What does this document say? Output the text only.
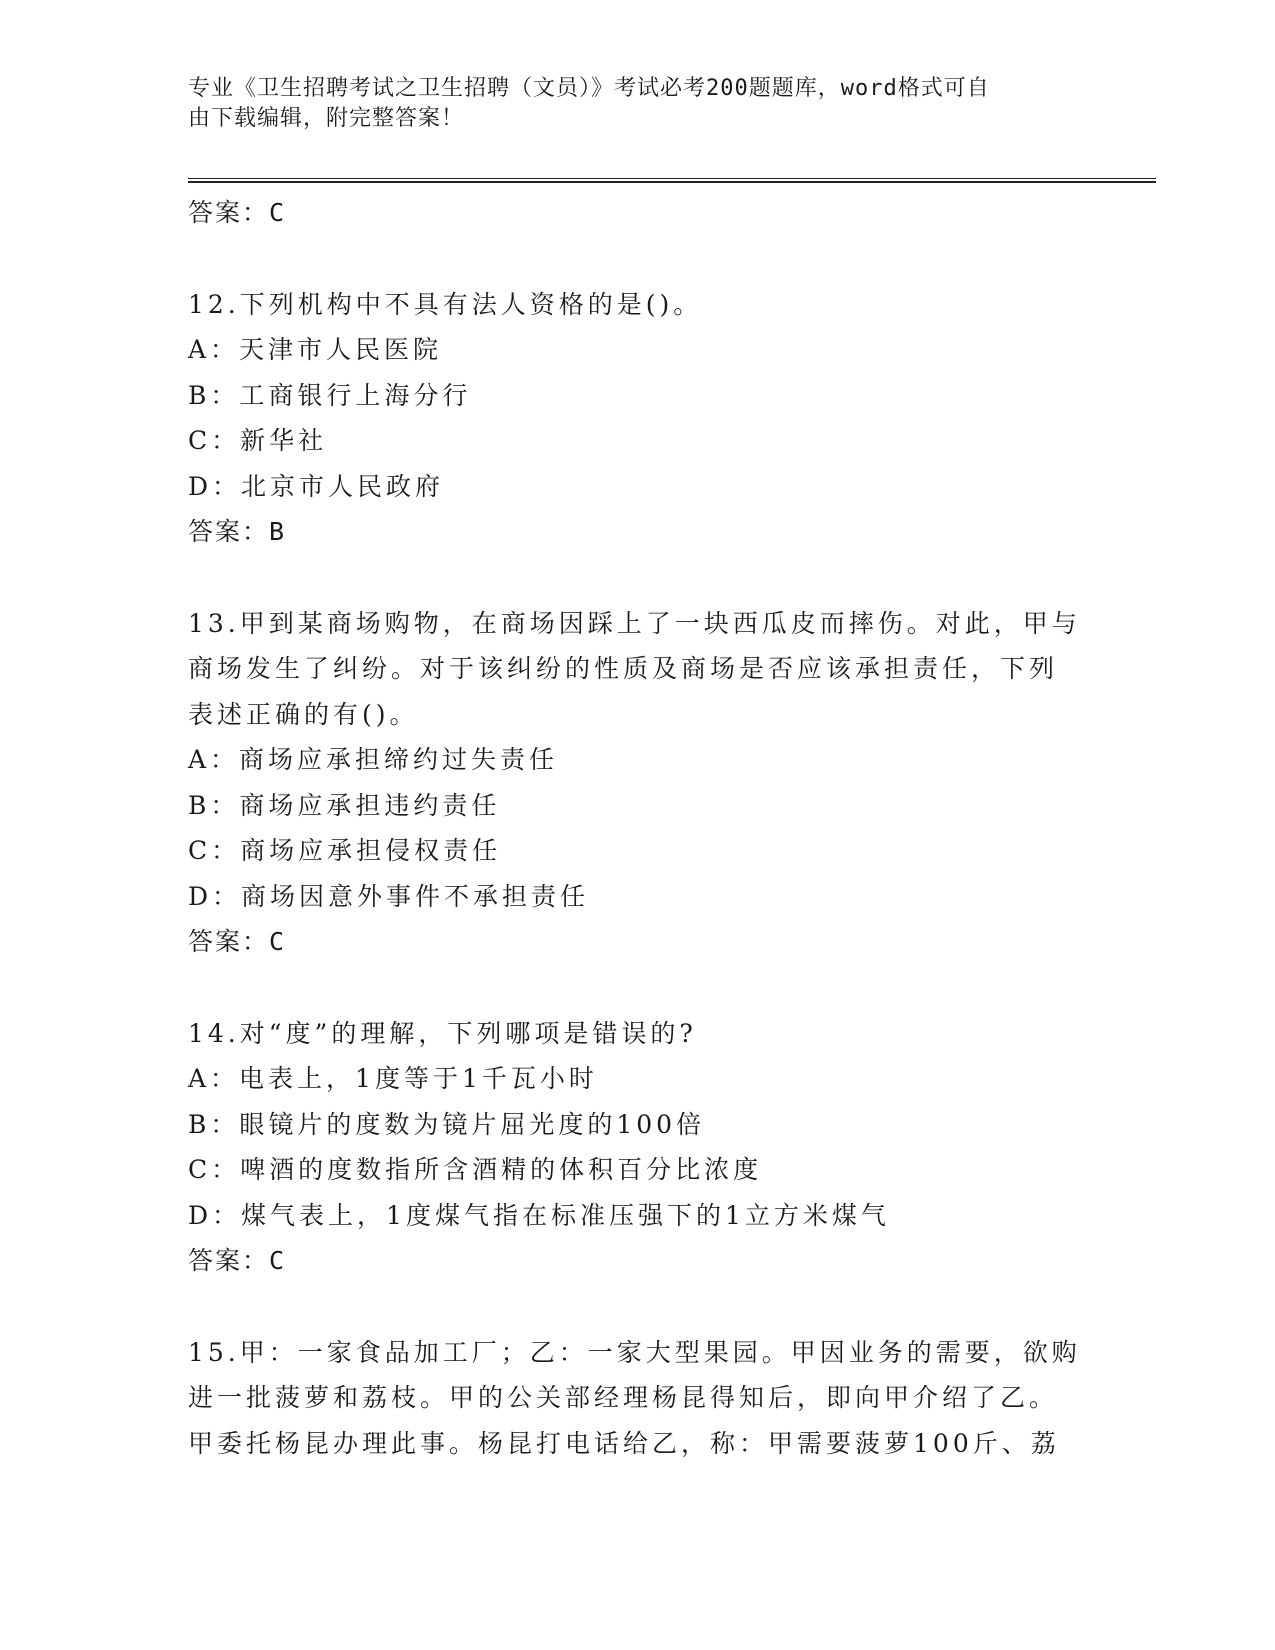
专业《卫生招聘考试之卫生招聘（文员）》考试必考200题题库，word格式可自
由下载编辑，附完整答案！
答案：C
12.下列机构中不具有法人资格的是()。
A：天津市人民医院
B：工商银行上海分行
C：新华社
D：北京市人民政府
答案：B
13.甲到某商场购物，在商场因踩上了一块西瓜皮而摔伤。对此，甲与
商场发生了纠纷。对于该纠纷的性质及商场是否应该承担责任，下列
表述正确的有()。
A：商场应承担缔约过失责任
B：商场应承担违约责任
C：商场应承担侵权责任
D：商场因意外事件不承担责任
答案：C
14.对“度”的理解，下列哪项是错误的?
A：电表上，1度等于1千瓦小时
B：眼镜片的度数为镜片屈光度的100倍
C：啤酒的度数指所含酒精的体积百分比浓度
D：煤气表上，1度煤气指在标准压强下的1立方米煤气
答案：C
15.甲：一家食品加工厂；乙：一家大型果园。甲因业务的需要，欲购
进一批菠萝和荔枝。甲的公关部经理杨昆得知后，即向甲介绍了乙。
甲委托杨昆办理此事。杨昆打电话给乙，称：甲需要菠萝100斤、荔
